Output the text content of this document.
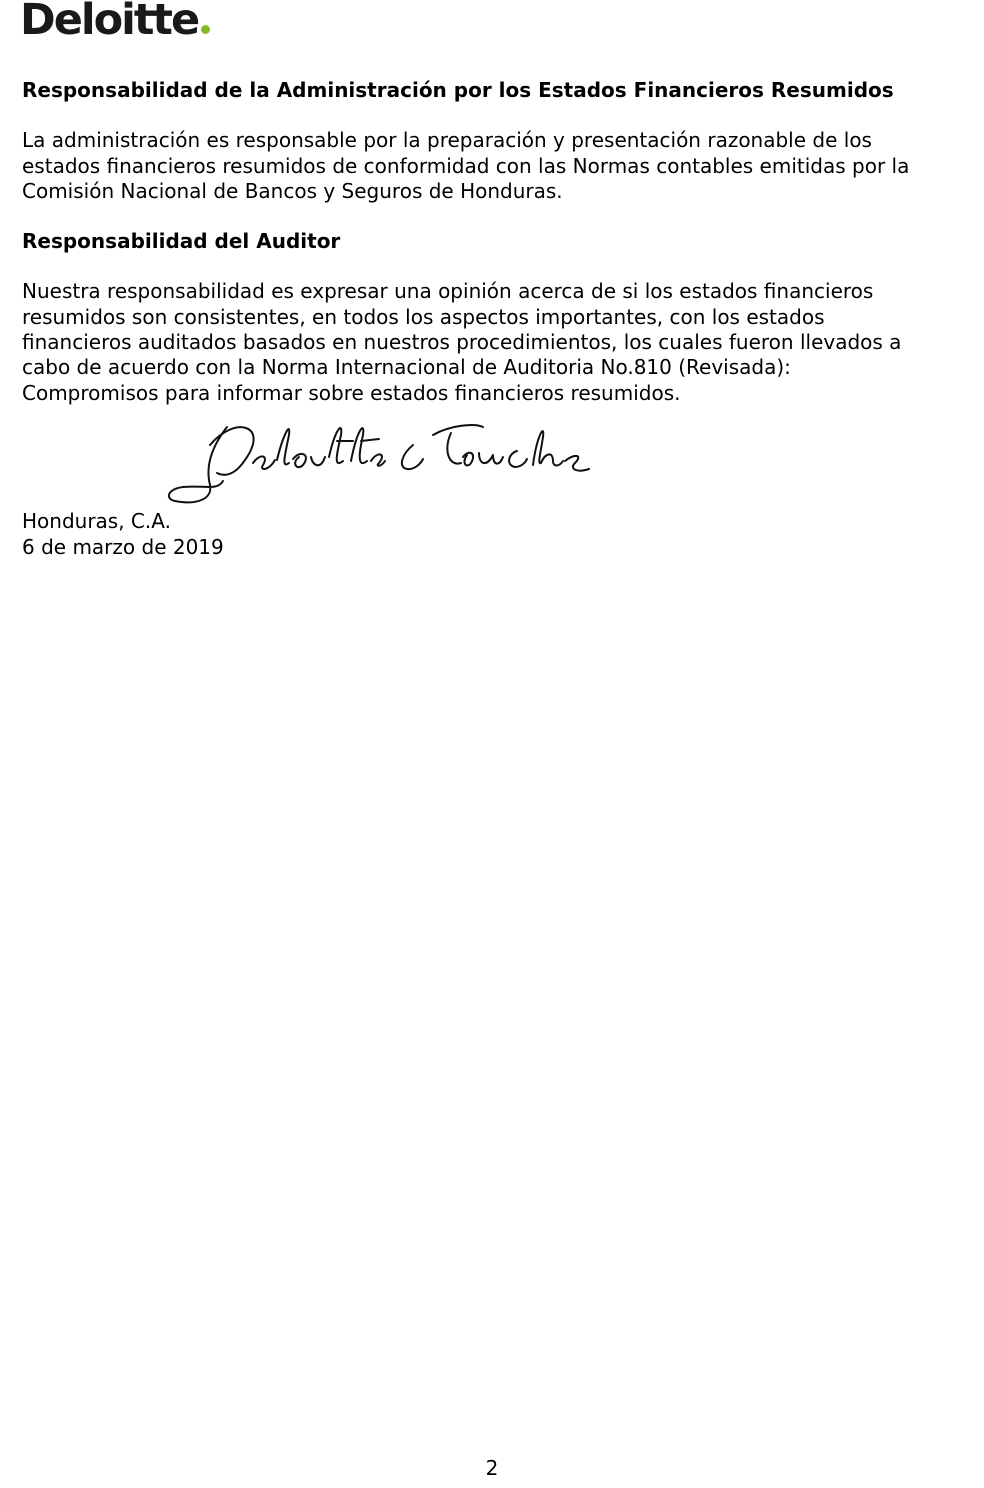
Deloitte

Responsabilidad de la Administración por los Estados Financieros Resumidos

La administración es responsable por la preparación y presentación razonable de los
estados financieros resumidos de conformidad con las Normas contables emitidas por la
Comisión Nacional de Bancos y Seguros de Honduras.

Responsabilidad del Auditor

Nuestra responsabilidad es expresar una opinión acerca de si los estados financieros
resumidos son consistentes, en todos los aspectos importantes, con los estados
financieros auditados basados en nuestros procedimientos, los cuales fueron llevados a
cabo de acuerdo con la Norma Internacional de Auditoria No.810 (Revisada):
Compromisos para informar sobre estados financieros resumidos.

Honduras, C.A.
6 de marzo de 2019
2
